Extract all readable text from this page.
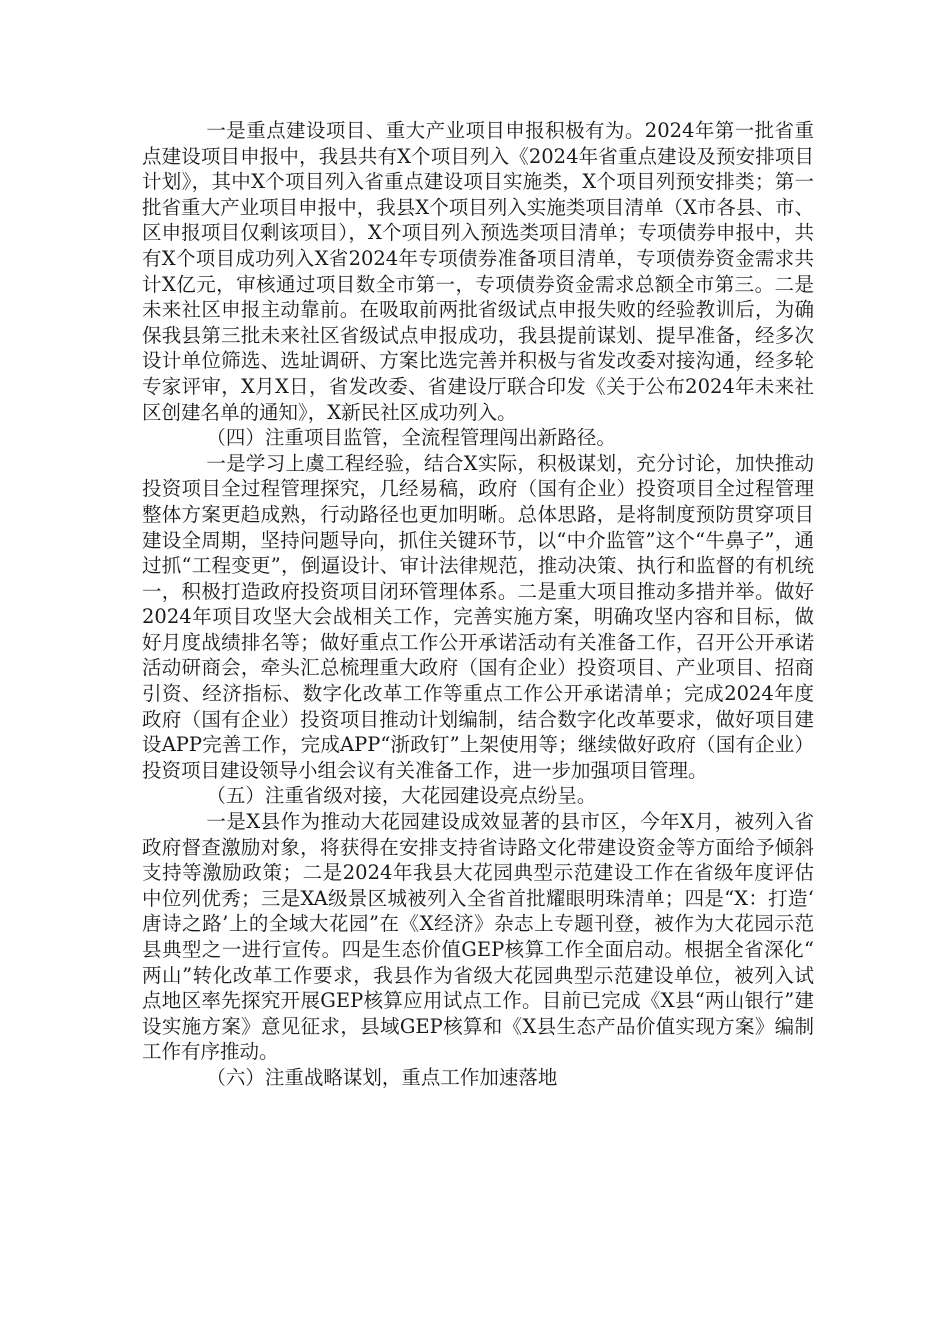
一是重点建设项目、重大产业项目申报积极有为。2024年第一批省重点建设项目申报中，我县共有X个项目列入《2024年省重点建设及预安排项目计划》，其中X个项目列入省重点建设项目实施类，X个项目列预安排类；第一批省重大产业项目申报中，我县X个项目列入实施类项目清单（X市各县、市、区申报项目仅剩该项目），X个项目列入预选类项目清单；专项债券申报中，共有X个项目成功列入X省2024年专项债券准备项目清单，专项债券资金需求共计X亿元，审核通过项目数全市第一，专项债券资金需求总额全市第三。二是未来社区申报主动靠前。在吸取前两批省级试点申报失败的经验教训后，为确保我县第三批未来社区省级试点申报成功，我县提前谋划、提早准备，经多次设计单位筛选、选址调研、方案比选完善并积极与省发改委对接沟通，经多轮专家评审，X月X日，省发改委、省建设厅联合印发《关于公布2024年未来社区创建名单的通知》，X新民社区成功列入。

（四）注重项目监管，全流程管理闯出新路径。

一是学习上虞工程经验，结合X实际，积极谋划，充分讨论，加快推动投资项目全过程管理探究，几经易稿，政府（国有企业）投资项目全过程管理整体方案更趋成熟，行动路径也更加明晰。总体思路，是将制度预防贯穿项目建设全周期，坚持问题导向，抓住关键环节，以“中介监管”这个“牛鼻子”，通过抓“工程变更”，倒逼设计、审计法律规范，推动决策、执行和监督的有机统一，积极打造政府投资项目闭环管理体系。二是重大项目推动多措并举。做好2024年项目攻坚大会战相关工作，完善实施方案，明确攻坚内容和目标，做好月度战绩排名等；做好重点工作公开承诺活动有关准备工作，召开公开承诺活动研商会，牵头汇总梳理重大政府（国有企业）投资项目、产业项目、招商引资、经济指标、数字化改革工作等重点工作公开承诺清单；完成2024年度政府（国有企业）投资项目推动计划编制，结合数字化改革要求，做好项目建设APP完善工作，完成APP“浙政钉”上架使用等；继续做好政府（国有企业）投资项目建设领导小组会议有关准备工作，进一步加强项目管理。

（五）注重省级对接，大花园建设亮点纷呈。

一是X县作为推动大花园建设成效显著的县市区，今年X月，被列入省政府督查激励对象，将获得在安排支持省诗路文化带建设资金等方面给予倾斜支持等激励政策；二是2024年我县大花园典型示范建设工作在省级年度评估中位列优秀；三是XA级景区城被列入全省首批耀眼明珠清单；四是“X：打造‘唐诗之路’上的全域大花园”在《X经济》杂志上专题刊登，被作为大花园示范县典型之一进行宣传。四是生态价值GEP核算工作全面启动。根据全省深化“两山”转化改革工作要求，我县作为省级大花园典型示范建设单位，被列入试点地区率先探究开展GEP核算应用试点工作。目前已完成《X县“两山银行”建设实施方案》意见征求，县域GEP核算和《X县生态产品价值实现方案》编制工作有序推动。

（六）注重战略谋划，重点工作加速落地
